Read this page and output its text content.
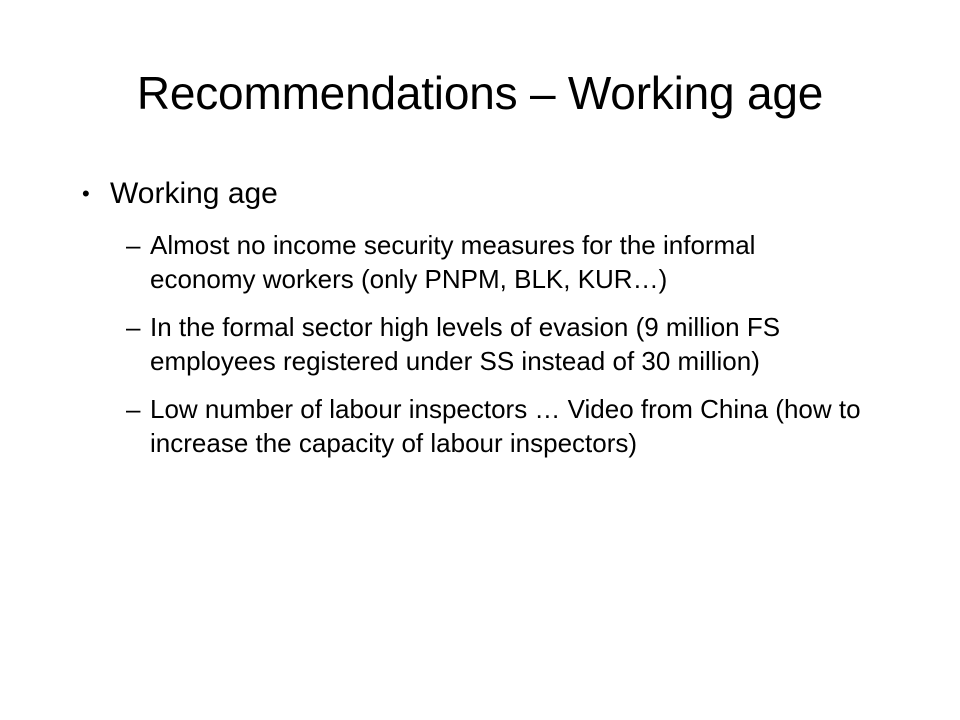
Recommendations – Working age
• Working age
– Almost no income security measures for the informal economy workers (only PNPM, BLK, KUR…)
– In the formal sector high levels of evasion (9 million FS employees registered under SS instead of 30 million)
– Low number of labour inspectors … Video from China (how to increase the capacity of labour inspectors)
